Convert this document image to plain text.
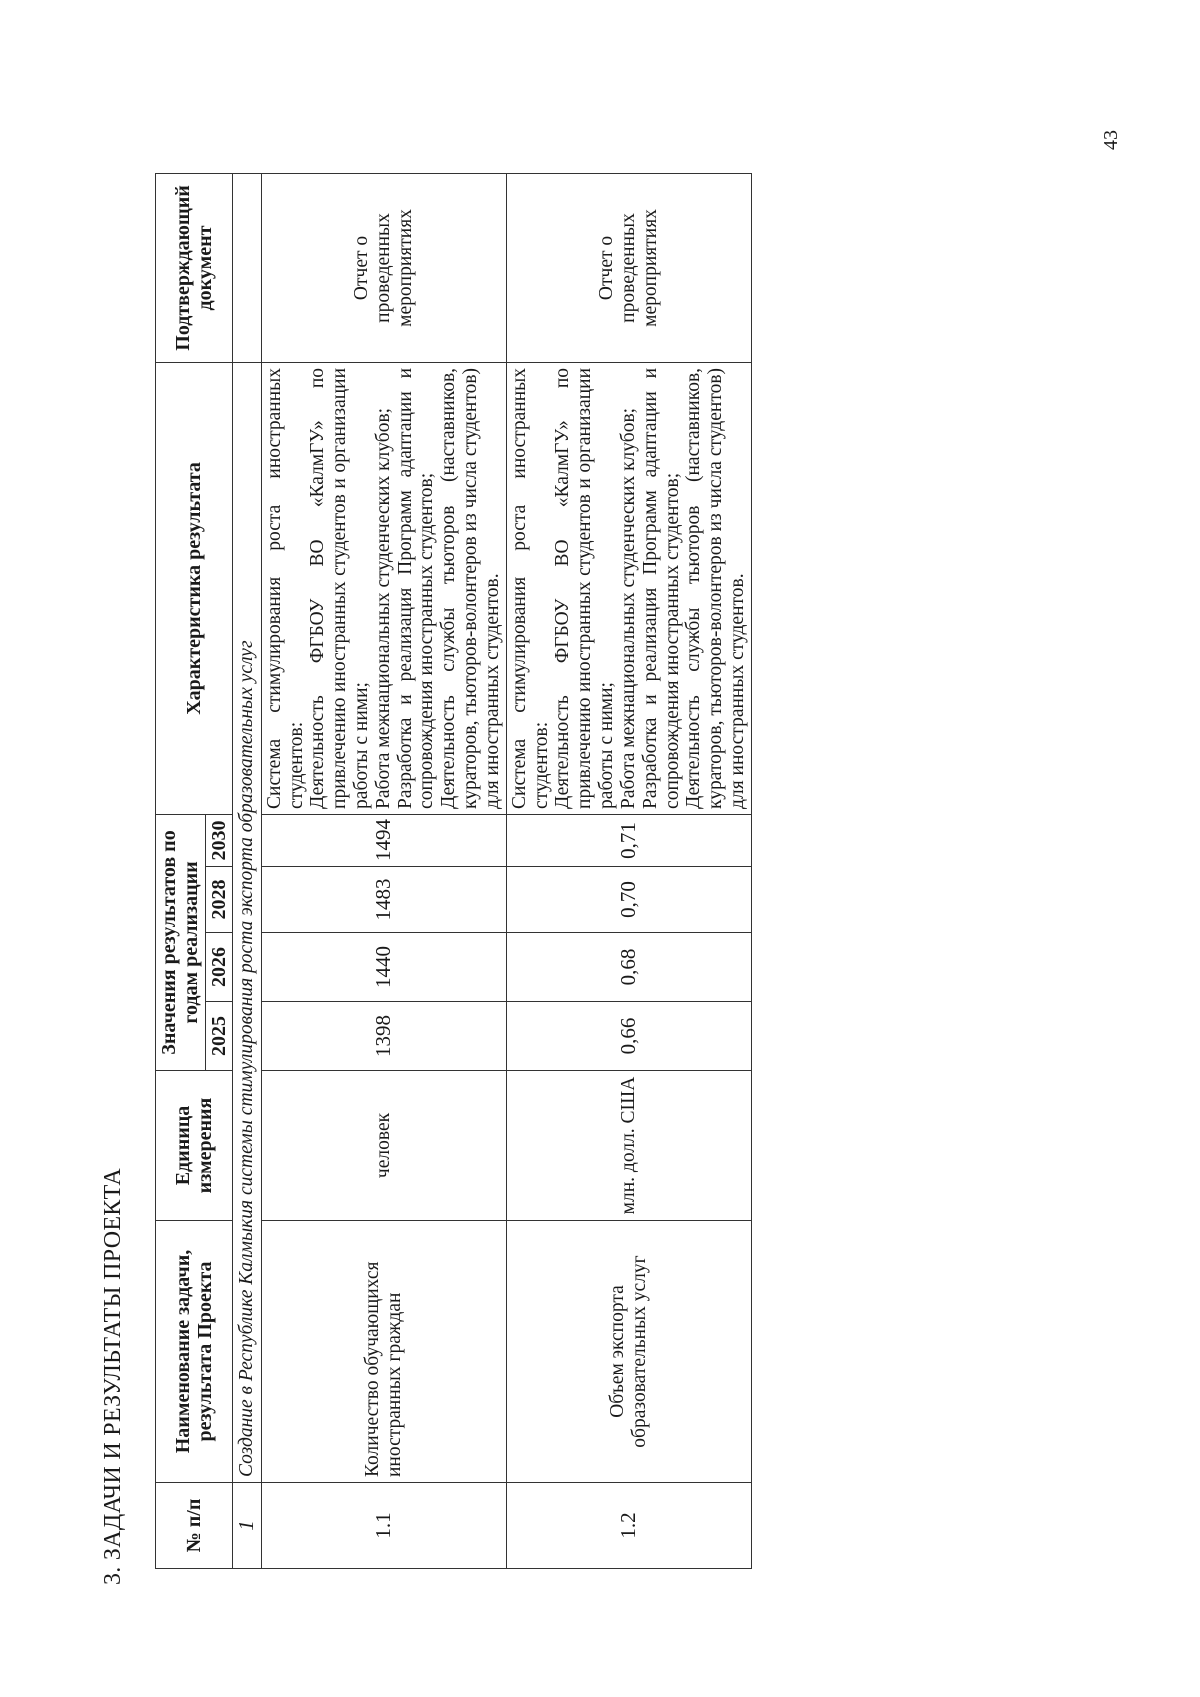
3. ЗАДАЧИ И РЕЗУЛЬТАТЫ ПРОЕКТА	№ п/п	Наименование задачи, результата Проекта	Единица измерения	Значения результатов по годам реализации				Характеристика результата	Подтверждающий документ
			2025	2026	2028	2030		
1	Создание в Республике Калмыкия системы стимулирования роста экспорта образовательных услуг							
1.1	Количество обучающихся иностранных граждан	человек	1398	1440	1483	1494	Система стимулирования роста иностранных студентов: Деятельность ФГБОУ ВО «КалмГУ» по привлечению иностранных студентов и организации работы с ними; Работа межнациональных студенческих клубов; Разработка и реализация Программ адаптации и сопровождения иностранных студентов; Деятельность службы тьюторов (наставников, кураторов, тьюторов-волонтеров из числа студентов) для иностранных студентов.	Отчет о проведенных мероприятиях
1.2	Объем экспорта образовательных услуг	млн. долл. США	0,66	0,68	0,70	0,71	Система стимулирования роста иностранных студентов: Деятельность ФГБОУ ВО «КалмГУ» по привлечению иностранных студентов и организации работы с ними; Работа межнациональных студенческих клубов; Разработка и реализация Программ адаптации и сопровождения иностранных студентов; Деятельность службы тьюторов (наставников, кураторов, тьюторов-волонтеров из числа студентов) для иностранных студентов.	Отчет о проведенных мероприятиях
43
